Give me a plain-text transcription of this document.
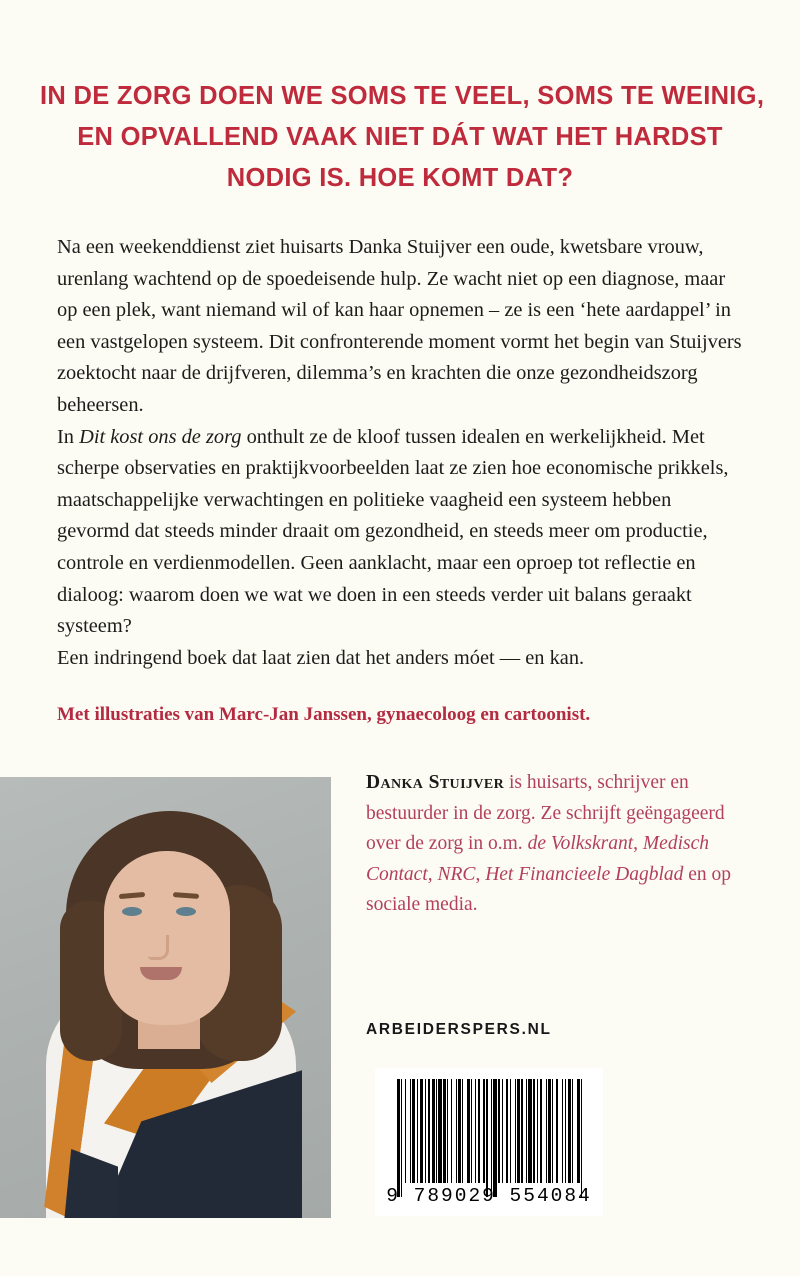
IN DE ZORG DOEN WE SOMS TE VEEL, SOMS TE WEINIG,
EN OPVALLEND VAAK NIET DÁT WAT HET HARDST
NODIG IS. HOE KOMT DAT?

Na een weekenddienst ziet huisarts Danka Stuijver een oude, kwetsbare vrouw, urenlang wachtend op de spoedeisende hulp. Ze wacht niet op een diagnose, maar op een plek, want niemand wil of kan haar opnemen – ze is een ‘hete aardappel’ in een vastgelopen systeem. Dit confronterende moment vormt het begin van Stuijvers zoektocht naar de drijfveren, dilemma’s en krachten die onze gezondheidszorg beheersen.

In Dit kost ons de zorg onthult ze de kloof tussen idealen en werkelijkheid. Met scherpe observaties en praktijkvoorbeelden laat ze zien hoe economische prikkels, maatschappelijke verwachtingen en politieke vaagheid een systeem hebben gevormd dat steeds minder draait om gezondheid, en steeds meer om productie, controle en verdienmodellen. Geen aanklacht, maar een oproep tot reflectie en dialoog: waarom doen we wat we doen in een steeds verder uit balans geraakt systeem?

Een indringend boek dat laat zien dat het anders móet — en kan.

Met illustraties van Marc-Jan Janssen, gynaecoloog en cartoonist.
Danka Stuijver is huisarts, schrijver en bestuurder in de zorg. Ze schrijft geëngageerd over de zorg in o.m. de Volkskrant, Medisch Contact, NRC, Het Financieele Dagblad en op sociale media.
ARBEIDERSPERS.NL
9 789029 554084
